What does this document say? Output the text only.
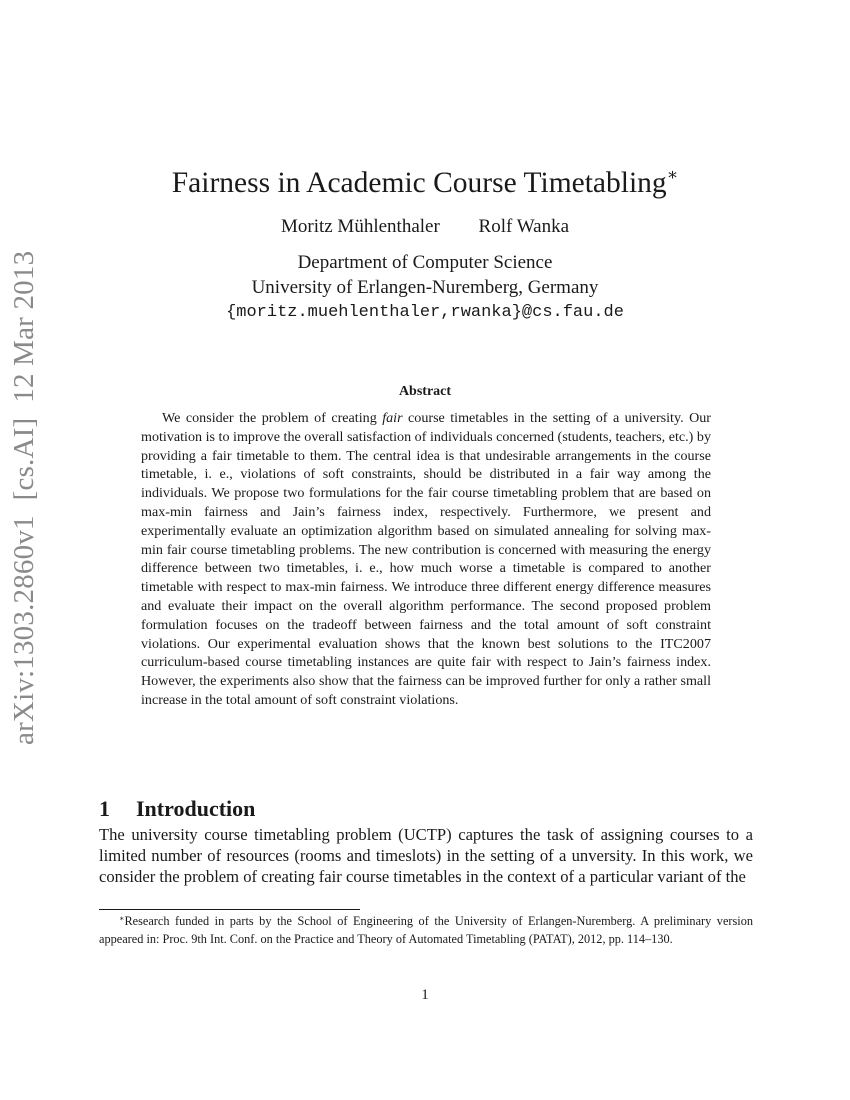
arXiv:1303.2860v1  [cs.AI]  12 Mar 2013
Fairness in Academic Course Timetabling∗
Moritz Mühlenthaler Rolf Wanka
Department of Computer Science
University of Erlangen-Nuremberg, Germany
{moritz.muehlenthaler,rwanka}@cs.fau.de
Abstract

We consider the problem of creating fair course timetables in the setting of a university. Our motivation is to improve the overall satisfaction of individuals concerned (students, teachers, etc.) by providing a fair timetable to them. The central idea is that undesirable arrangements in the course timetable, i. e., violations of soft constraints, should be distributed in a fair way among the individuals. We propose two formulations for the fair course timetabling problem that are based on max-min fairness and Jain’s fairness index, respectively. Furthermore, we present and experimentally evaluate an optimization algorithm based on simulated annealing for solving max-min fair course timetabling problems. The new contribution is concerned with measuring the energy difference between two timetables, i. e., how much worse a timetable is compared to another timetable with respect to max-min fairness. We introduce three different energy difference measures and evaluate their impact on the overall algorithm performance. The second proposed problem formulation focuses on the tradeoff between fairness and the total amount of soft constraint violations. Our experimental evaluation shows that the known best solutions to the ITC2007 curriculum-based course timetabling instances are quite fair with respect to Jain’s fairness index. However, the experiments also show that the fairness can be improved further for only a rather small increase in the total amount of soft constraint violations.

1 Introduction

The university course timetabling problem (UCTP) captures the task of assigning courses to a limited number of resources (rooms and timeslots) in the setting of a unversity. In this work, we consider the problem of creating fair course timetables in the context of a particular variant of the

∗Research funded in parts by the School of Engineering of the University of Erlangen-Nuremberg. A preliminary version appeared in: Proc. 9th Int. Conf. on the Practice and Theory of Automated Timetabling (PATAT), 2012, pp. 114–130.

1
